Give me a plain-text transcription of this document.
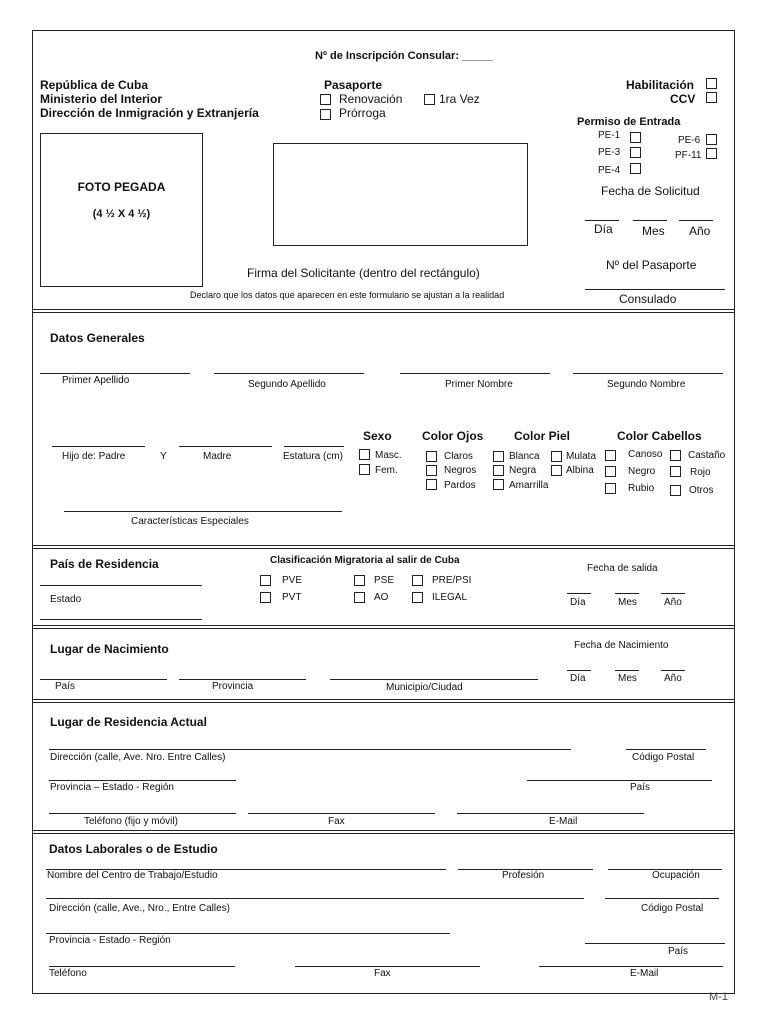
Nº de Inscripción Consular: _____
República de Cuba
Ministerio del Interior
Dirección de Inmigración y Extranjería
Pasaporte
Renovación	1ra Vez
Prórroga
Habilitación
CCV
Permiso de Entrada
PE-1	PE-6
PE-3	PF-11
PE-4
FOTO PEGADA
(4 ½ X 4 ½)
Firma del Solicitante (dentro del rectángulo)
Declaro que los datos que aparecen en este formulario se ajustan a la realidad
Fecha de Solicitud
Día Mes Año
Nº del Pasaporte
Consulado
Datos Generales
Primer Apellido	Segundo Apellido	Primer Nombre	Segundo Nombre
Hijo de: Padre	Y	Madre	Estatura (cm)
Características Especiales
Sexo
Masc.
Fem.
Color Ojos
Claros
Negros
Pardos
Color Piel
Blanca
Negra
Amarrilla
Mulata
Albina
Color Cabellos
Canoso
Negro
Rubio
Castaño
Rojo
Otros
País de Residencia
Estado
Clasificación Migratoria al salir de Cuba
PVE
PVT
PSE
AO
PRE/PSI
ILEGAL
Fecha de salida
Día	Mes	Año
Lugar de Nacimiento	Fecha de Nacimiento
País	Provincia	Municipio/Ciudad
Día	Mes	Año
Lugar de Residencia Actual
Dirección (calle, Ave. Nro. Entre Calles)	Código Postal
Provincia – Estado - Región	País
Teléfono (fijo y móvil)	Fax	E-Mail
Datos Laborales o de Estudio
Nombre del Centro de Trabajo/Estudio	Profesión	Ocupación
Dirección (calle, Ave., Nro., Entre Calles)	Código Postal
Provincia - Estado - Región
País
Teléfono	Fax	E-Mail
M-1
